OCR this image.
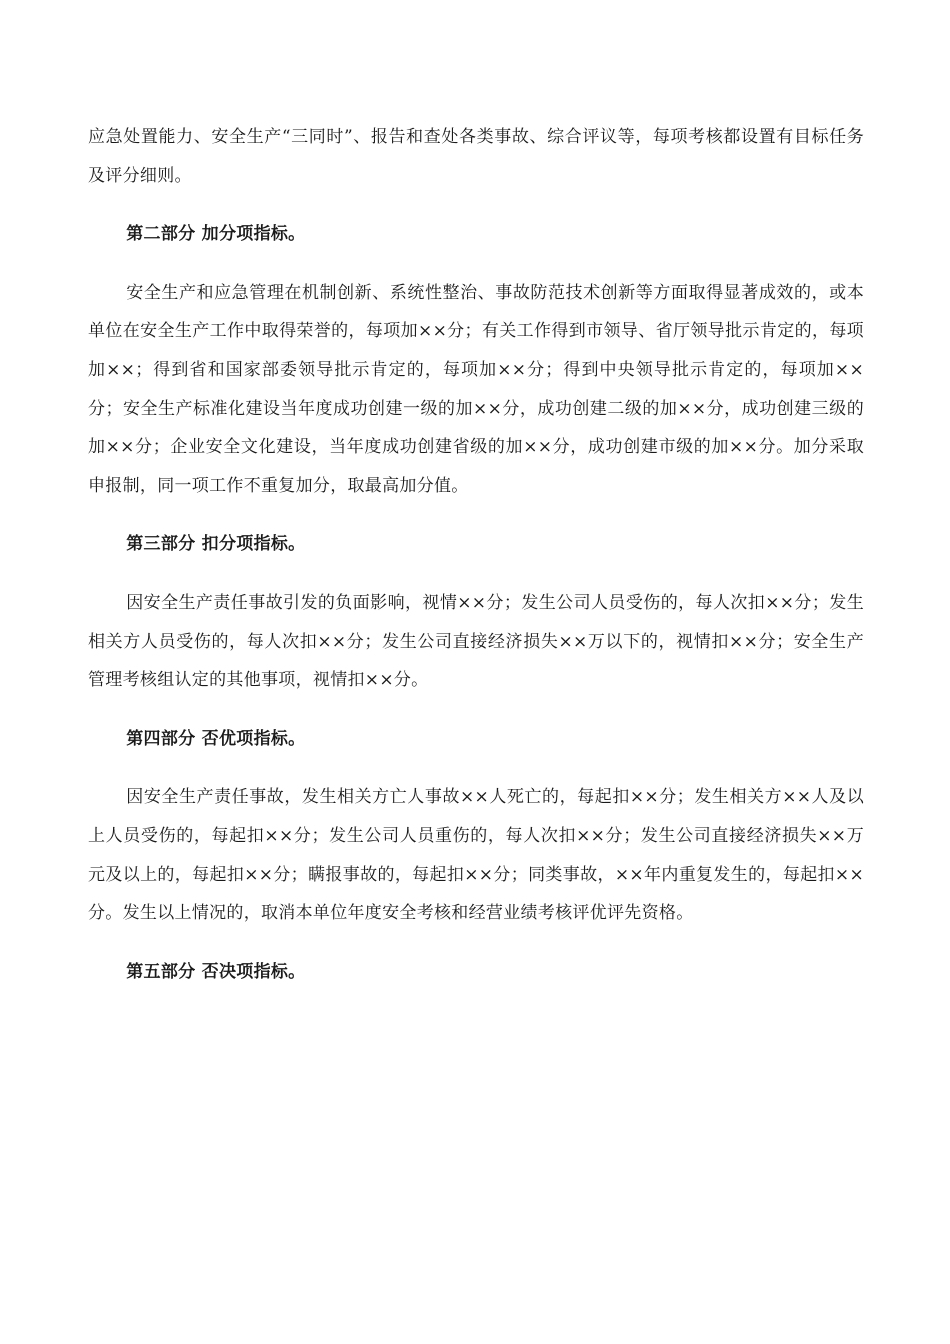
应急处置能力、安全生产“三同时”、报告和查处各类事故、综合评议等，每项考核都设置有目标任务及评分细则。

第二部分 加分项指标。

安全生产和应急管理在机制创新、系统性整治、事故防范技术创新等方面取得显著成效的，或本单位在安全生产工作中取得荣誉的，每项加××分；有关工作得到市领导、省厅领导批示肯定的，每项加××；得到省和国家部委领导批示肯定的，每项加××分；得到中央领导批示肯定的，每项加××分；安全生产标准化建设当年度成功创建一级的加××分，成功创建二级的加××分，成功创建三级的加××分；企业安全文化建设，当年度成功创建省级的加××分，成功创建市级的加××分。加分采取申报制，同一项工作不重复加分，取最高加分值。

第三部分 扣分项指标。

因安全生产责任事故引发的负面影响，视情××分；发生公司人员受伤的，每人次扣××分；发生相关方人员受伤的，每人次扣××分；发生公司直接经济损失××万以下的，视情扣××分；安全生产管理考核组认定的其他事项，视情扣××分。

第四部分 否优项指标。

因安全生产责任事故，发生相关方亡人事故××人死亡的，每起扣××分；发生相关方××人及以上人员受伤的，每起扣××分；发生公司人员重伤的，每人次扣××分；发生公司直接经济损失××万元及以上的，每起扣××分；瞒报事故的，每起扣××分；同类事故，××年内重复发生的，每起扣××分。发生以上情况的，取消本单位年度安全考核和经营业绩考核评优评先资格。

第五部分 否决项指标。
